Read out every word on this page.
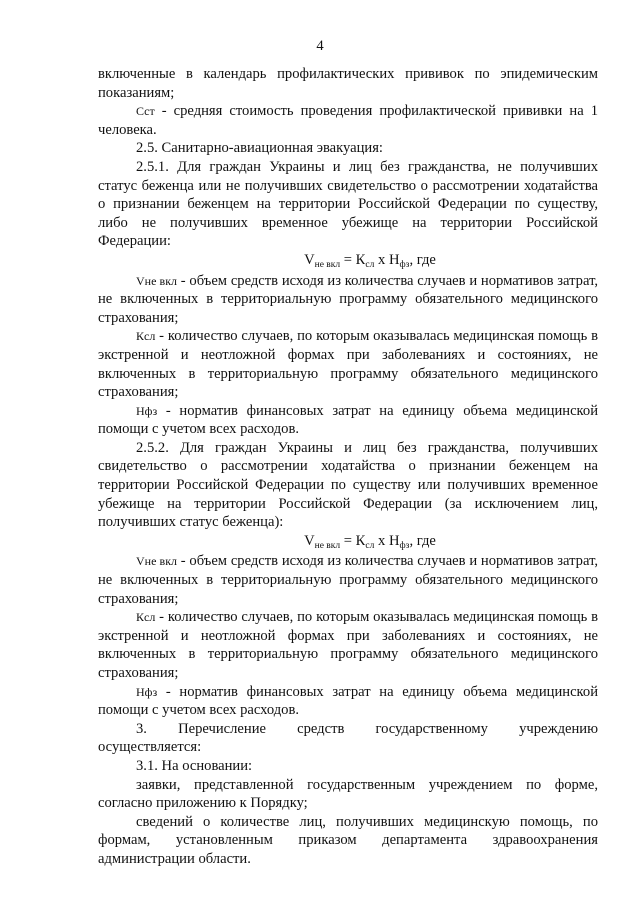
4

включенные в календарь профилактических прививок по эпидемическим показаниям;

Сст - средняя стоимость проведения профилактической прививки на 1 человека.

2.5. Санитарно-авиационная эвакуация:

2.5.1. Для граждан Украины и лиц без гражданства, не получивших статус беженца или не получивших свидетельство о рассмотрении ходатайства о признании беженцем на территории Российской Федерации по существу, либо не получивших временное убежище на территории Российской Федерации:

$V_{не вкл} = К_{сл}$ х $Н_{фз}$, где

Vне вкл - объем средств исходя из количества случаев и нормативов затрат, не включенных в территориальную программу обязательного медицинского страхования;

Кcл - количество случаев, по которым оказывалась медицинская помощь в экстренной и неотложной формах при заболеваниях и состояниях, не включенных в территориальную программу обязательного медицинского страхования;

Нфз - норматив финансовых затрат на единицу объема медицинской помощи с учетом всех расходов.

2.5.2. Для граждан Украины и лиц без гражданства, получивших свидетельство о рассмотрении ходатайства о признании беженцем на территории Российской Федерации по существу или получивших временное убежище на территории Российской Федерации (за исключением лиц, получивших статус беженца):

$V_{не вкл} = К_{сл}$ х $Н_{фз}$, где

Vне вкл - объем средств исходя из количества случаев и нормативов затрат, не включенных в территориальную программу обязательного медицинского страхования;

Кcл - количество случаев, по которым оказывалась медицинская помощь в экстренной и неотложной формах при заболеваниях и состояниях, не включенных в территориальную программу обязательного медицинского страхования;

Нфз - норматив финансовых затрат на единицу объема медицинской помощи с учетом всех расходов.

3. Перечисление средств государственному учреждению

осуществляется:

3.1. На основании:

заявки, представленной государственным учреждением по форме, согласно приложению к Порядку;

сведений о количестве лиц, получивших медицинскую помощь, по формам, установленным приказом департамента здравоохранения администрации области.
